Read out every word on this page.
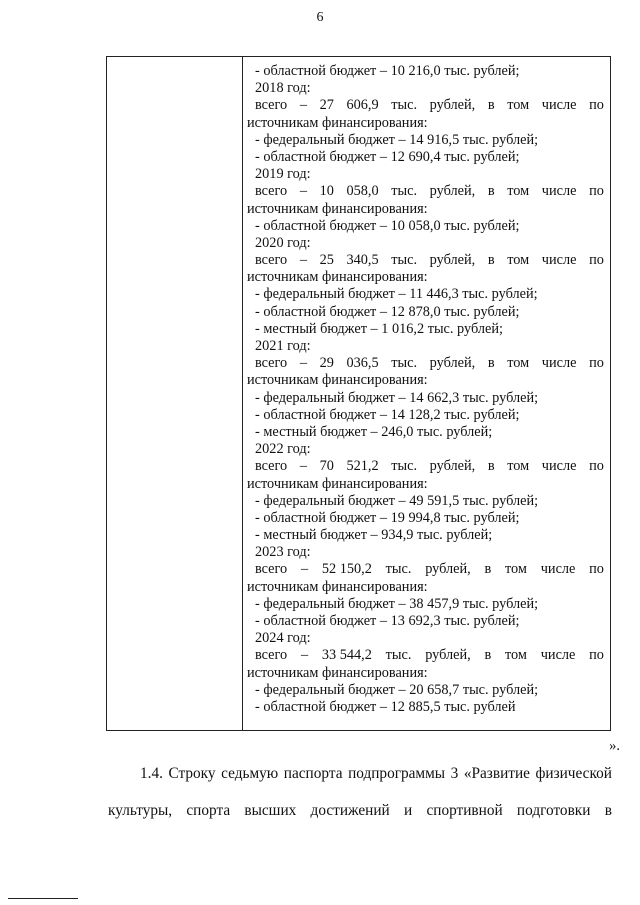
6
- областной бюджет – 10 216,0 тыс. рублей;
2018 год:
всего – 27 606,9 тыс. рублей, в том числе по
источникам финансирования:
- федеральный бюджет – 14 916,5 тыс. рублей;
- областной бюджет – 12 690,4 тыс. рублей;
2019 год:
всего – 10 058,0 тыс. рублей, в том числе по
источникам финансирования:
- областной бюджет – 10 058,0 тыс. рублей;
2020 год:
всего – 25 340,5 тыс. рублей, в том числе по
источникам финансирования:
- федеральный бюджет – 11 446,3 тыс. рублей;
- областной бюджет – 12 878,0 тыс. рублей;
- местный бюджет – 1 016,2 тыс. рублей;
2021 год:
всего – 29 036,5 тыс. рублей, в том числе по
источникам финансирования:
- федеральный бюджет – 14 662,3 тыс. рублей;
- областной бюджет – 14 128,2 тыс. рублей;
- местный бюджет – 246,0 тыс. рублей;
2022 год:
всего – 70 521,2 тыс. рублей, в том числе по
источникам финансирования:
- федеральный бюджет – 49 591,5 тыс. рублей;
- областной бюджет – 19 994,8 тыс. рублей;
- местный бюджет – 934,9 тыс. рублей;
2023 год:
всего – 52 150,2 тыс. рублей, в том числе по
источникам финансирования:
- федеральный бюджет – 38 457,9 тыс. рублей;
- областной бюджет – 13 692,3 тыс. рублей;
2024 год:
всего – 33 544,2 тыс. рублей, в том числе по
источникам финансирования:
- федеральный бюджет – 20 658,7 тыс. рублей;
- областной бюджет – 12 885,5 тыс. рублей
».
1.4. Строку седьмую паспорта подпрограммы 3 «Развитие физической
культуры, спорта высших достижений и спортивной подготовки в
